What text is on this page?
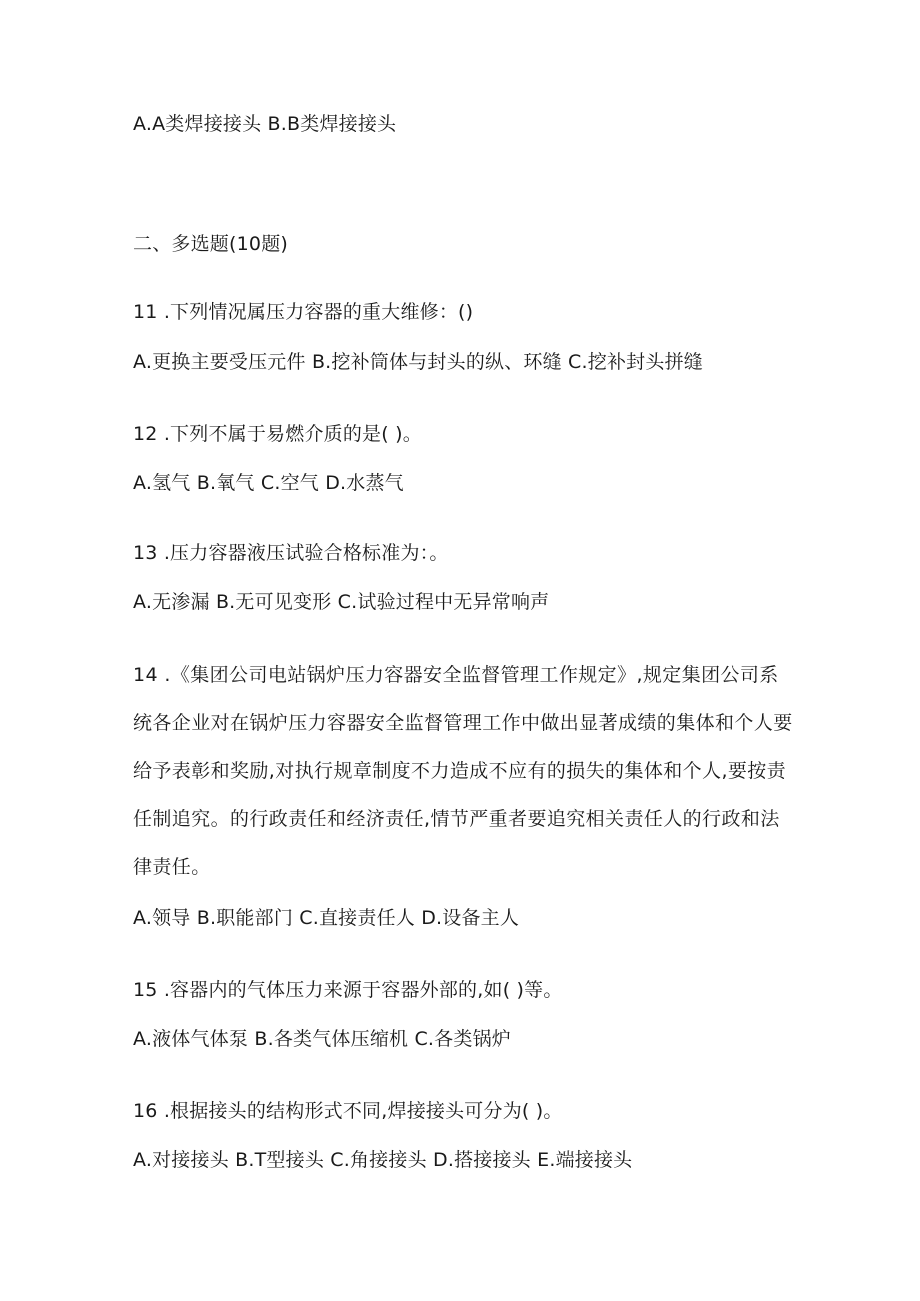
A.A类焊接接头 B.B类焊接接头

二、多选题(10题)

11 .下列情况属压力容器的重大维修：()

A.更换主要受压元件 B.挖补筒体与封头的纵、环缝 C.挖补封头拼缝

12 .下列不属于易燃介质的是( )。

A.氢气 B.氧气 C.空气 D.水蒸气

13 .压力容器液压试验合格标准为：。

A.无渗漏 B.无可见变形 C.试验过程中无异常响声

14 .《集团公司电站锅炉压力容器安全监督管理工作规定》,规定集团公司系统各企业对在锅炉压力容器安全监督管理工作中做出显著成绩的集体和个人要给予表彰和奖励,对执行规章制度不力造成不应有的损失的集体和个人,要按责任制追究。的行政责任和经济责任,情节严重者要追究相关责任人的行政和法律责任。

A.领导 B.职能部门 C.直接责任人 D.设备主人

15 .容器内的气体压力来源于容器外部的,如( )等。

A.液体气体泵 B.各类气体压缩机 C.各类锅炉

16 .根据接头的结构形式不同,焊接接头可分为( )。

A.对接接头 B.T型接头 C.角接接头 D.搭接接头 E.端接接头
